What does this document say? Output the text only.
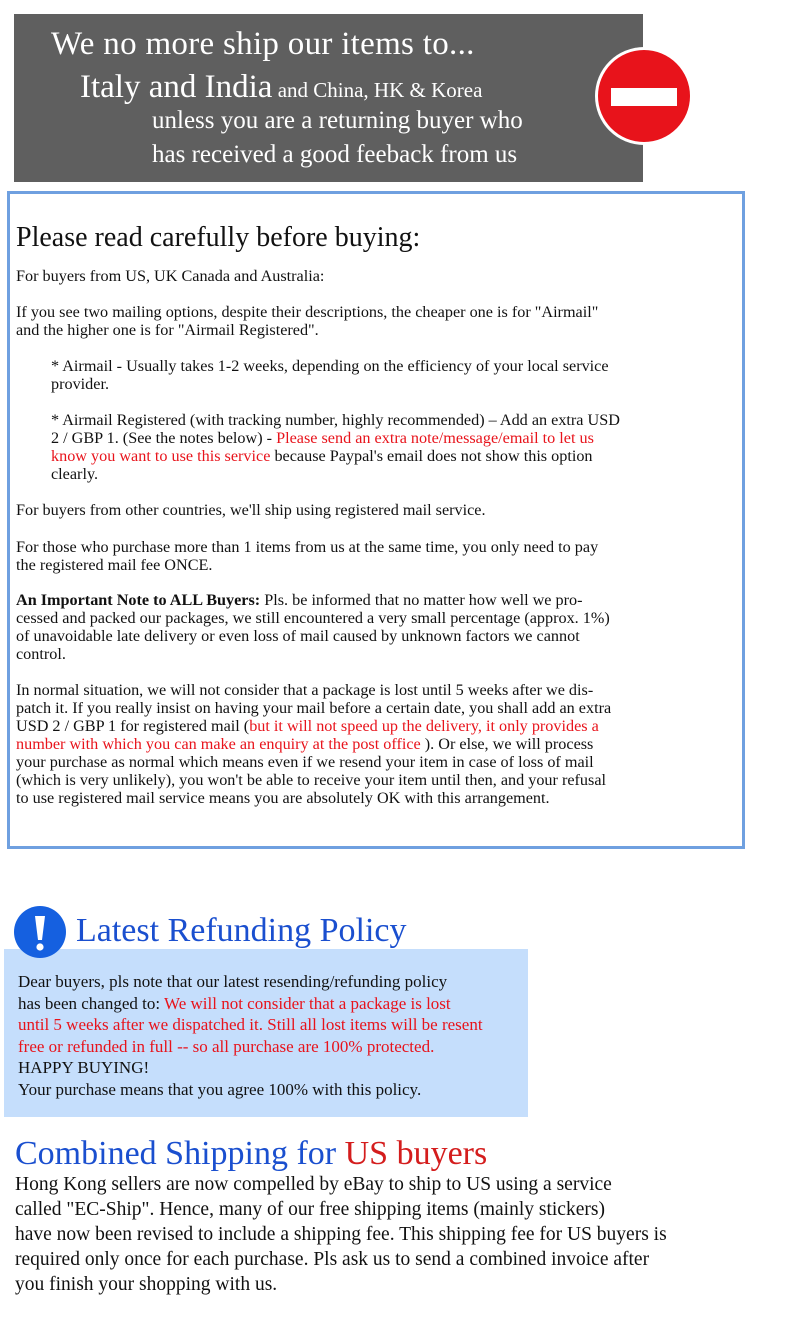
We no more ship our items to...
Italy and India and China, HK & Korea
unless you are a returning buyer who
has received a good feeback from us
Please read carefully before buying:
For buyers from US, UK Canada and Australia:
If you see two mailing options, despite their descriptions, the cheaper one is for "Airmail"
and the higher one is for "Airmail Registered".
* Airmail - Usually takes 1-2 weeks, depending on the efficiency of your local service
provider.
* Airmail Registered (with tracking number, highly recommended) – Add an extra USD
2 / GBP 1. (See the notes below) - Please send an extra note/message/email to let us
know you want to use this service because Paypal's email does not show this option
clearly.
For buyers from other countries, we'll ship using registered mail service.
For those who purchase more than 1 items from us at the same time, you only need to pay
the registered mail fee ONCE.
An Important Note to ALL Buyers: Pls. be informed that no matter how well we pro-
cessed and packed our packages, we still encountered a very small percentage (approx. 1%)
of unavoidable late delivery or even loss of mail caused by unknown factors we cannot
control.
In normal situation, we will not consider that a package is lost until 5 weeks after we dis-
patch it. If you really insist on having your mail before a certain date, you shall add an extra
USD 2 / GBP 1 for registered mail (but it will not speed up the delivery, it only provides a
number with which you can make an enquiry at the post office ). Or else, we will process
your purchase as normal which means even if we resend your item in case of loss of mail
(which is very unlikely), you won't be able to receive your item until then, and your refusal
to use registered mail service means you are absolutely OK with this arrangement.
Dear buyers, pls note that our latest resending/refunding policy
has been changed to: We will not consider that a package is lost
until 5 weeks after we dispatched it. Still all lost items will be resent
free or refunded in full -- so all purchase are 100% protected.
HAPPY BUYING!
Your purchase means that you agree 100% with this policy.
Latest Refunding Policy
Combined Shipping for US buyers
Hong Kong sellers are now compelled by eBay to ship to US using a service
called "EC-Ship". Hence, many of our free shipping items (mainly stickers)
have now been revised to include a shipping fee. This shipping fee for US buyers is
required only once for each purchase. Pls ask us to send a combined invoice after
you finish your shopping with us.
